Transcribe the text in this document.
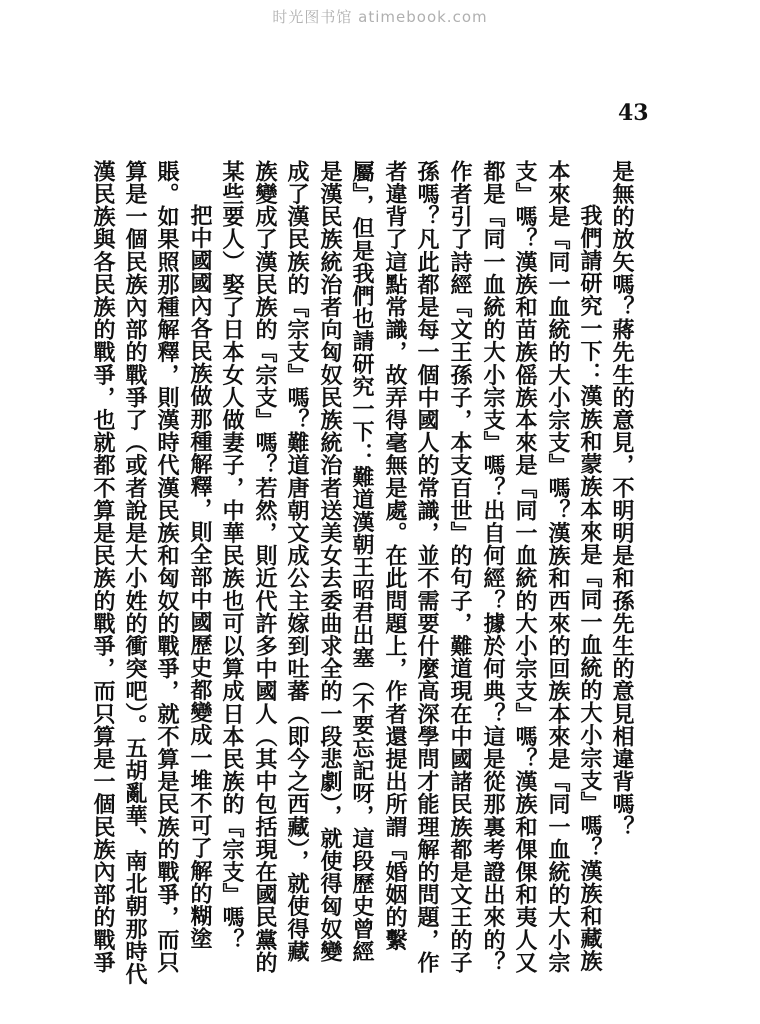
时光图书馆 atimebook.com
43
是無的放矢嗎？蔣先生的意見，不明明是和孫先生的意見相違背嗎？
我們請研究一下：漢族和蒙族本來是『同一血統的大小宗支』嗎？漢族和藏族
本來是『同一血統的大小宗支』嗎？漢族和西來的回族本來是『同一血統的大小宗
支』嗎？漢族和苗族傜族本來是『同一血統的大小宗支』嗎？漢族和倮倮和夷人又
都是『同一血統的大小宗支』嗎？出自何經？據於何典？這是從那裏考證出來的？
作者引了詩經『文王孫子，本支百世』的句子，難道現在中國諸民族都是文王的子
孫嗎？凡此都是每一個中國人的常識，並不需要什麼高深學問才能理解的問題，作
者違背了這點常識，故弄得毫無是處。在此問題上，作者還提出所謂『婚姻的繫
屬』，但是我們也請研究一下：難道漢朝王昭君出塞（不要忘記呀，這段歷史曾經
是漢民族統治者向匈奴民族統治者送美女去委曲求全的一段悲劇），就使得匈奴變
成了漢民族的『宗支』嗎？難道唐朝文成公主嫁到吐蕃（即今之西藏），就使得藏
族變成了漢民族的『宗支』嗎？若然，則近代許多中國人（其中包括現在國民黨的
某些要人）娶了日本女人做妻子，中華民族也可以算成日本民族的『宗支』嗎？
把中國國內各民族做那種解釋，則全部中國歷史都變成一堆不可了解的糊塗
賬。如果照那種解釋，則漢時代漢民族和匈奴的戰爭，就不算是民族的戰爭，而只
算是一個民族內部的戰爭了（或者說是大小姓的衝突吧）。五胡亂華、南北朝那時代
漢民族與各民族的戰爭，也就都不算是民族的戰爭，而只算是一個民族內部的戰爭
